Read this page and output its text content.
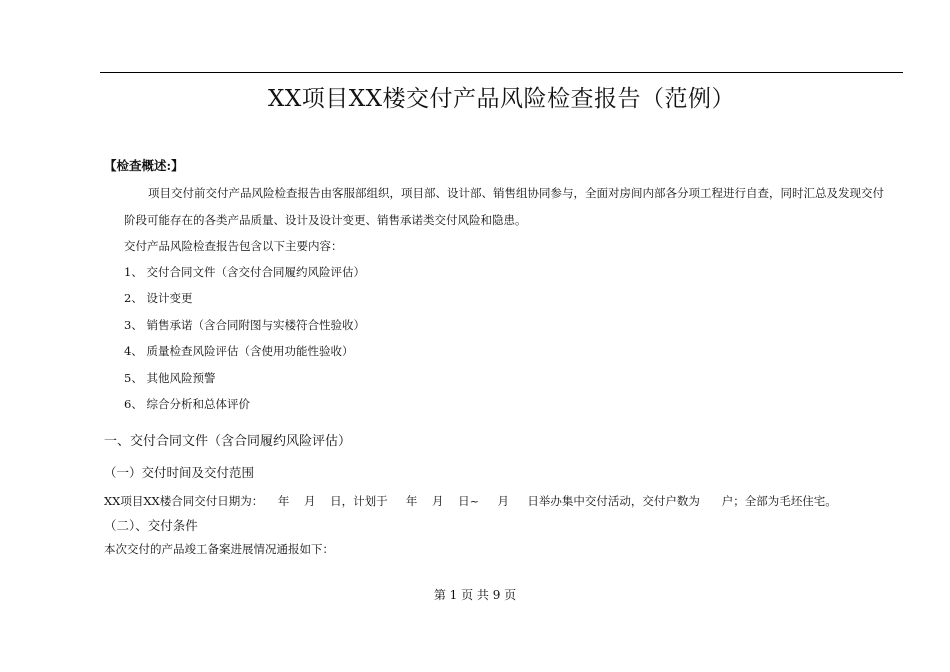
XX项目XX楼交付产品风险检查报告（范例）
【检查概述:】
项目交付前交付产品风险检查报告由客服部组织，项目部、设计部、销售组协同参与，全面对房间内部各分项工程进行自查，同时汇总及发现交付
阶段可能存在的各类产品质量、设计及设计变更、销售承诺类交付风险和隐患。
交付产品风险检查报告包含以下主要内容：
1、 交付合同文件（含交付合同履约风险评估）
2、 设计变更
3、 销售承诺（含合同附图与实楼符合性验收）
4、 质量检查风险评估（含使用功能性验收）
5、 其他风险预警
6、 综合分析和总体评价
一、交付合同文件（含合同履约风险评估）
（一）交付时间及交付范围
XX项目XX楼合同交付日期为：    年    月    日，计划于     年    月    日~     月     日举办集中交付活动，交付户数为      户；全部为毛坯住宅。
（二）、交付条件
本次交付的产品竣工备案进展情况通报如下：
第 1 页 共 9 页
